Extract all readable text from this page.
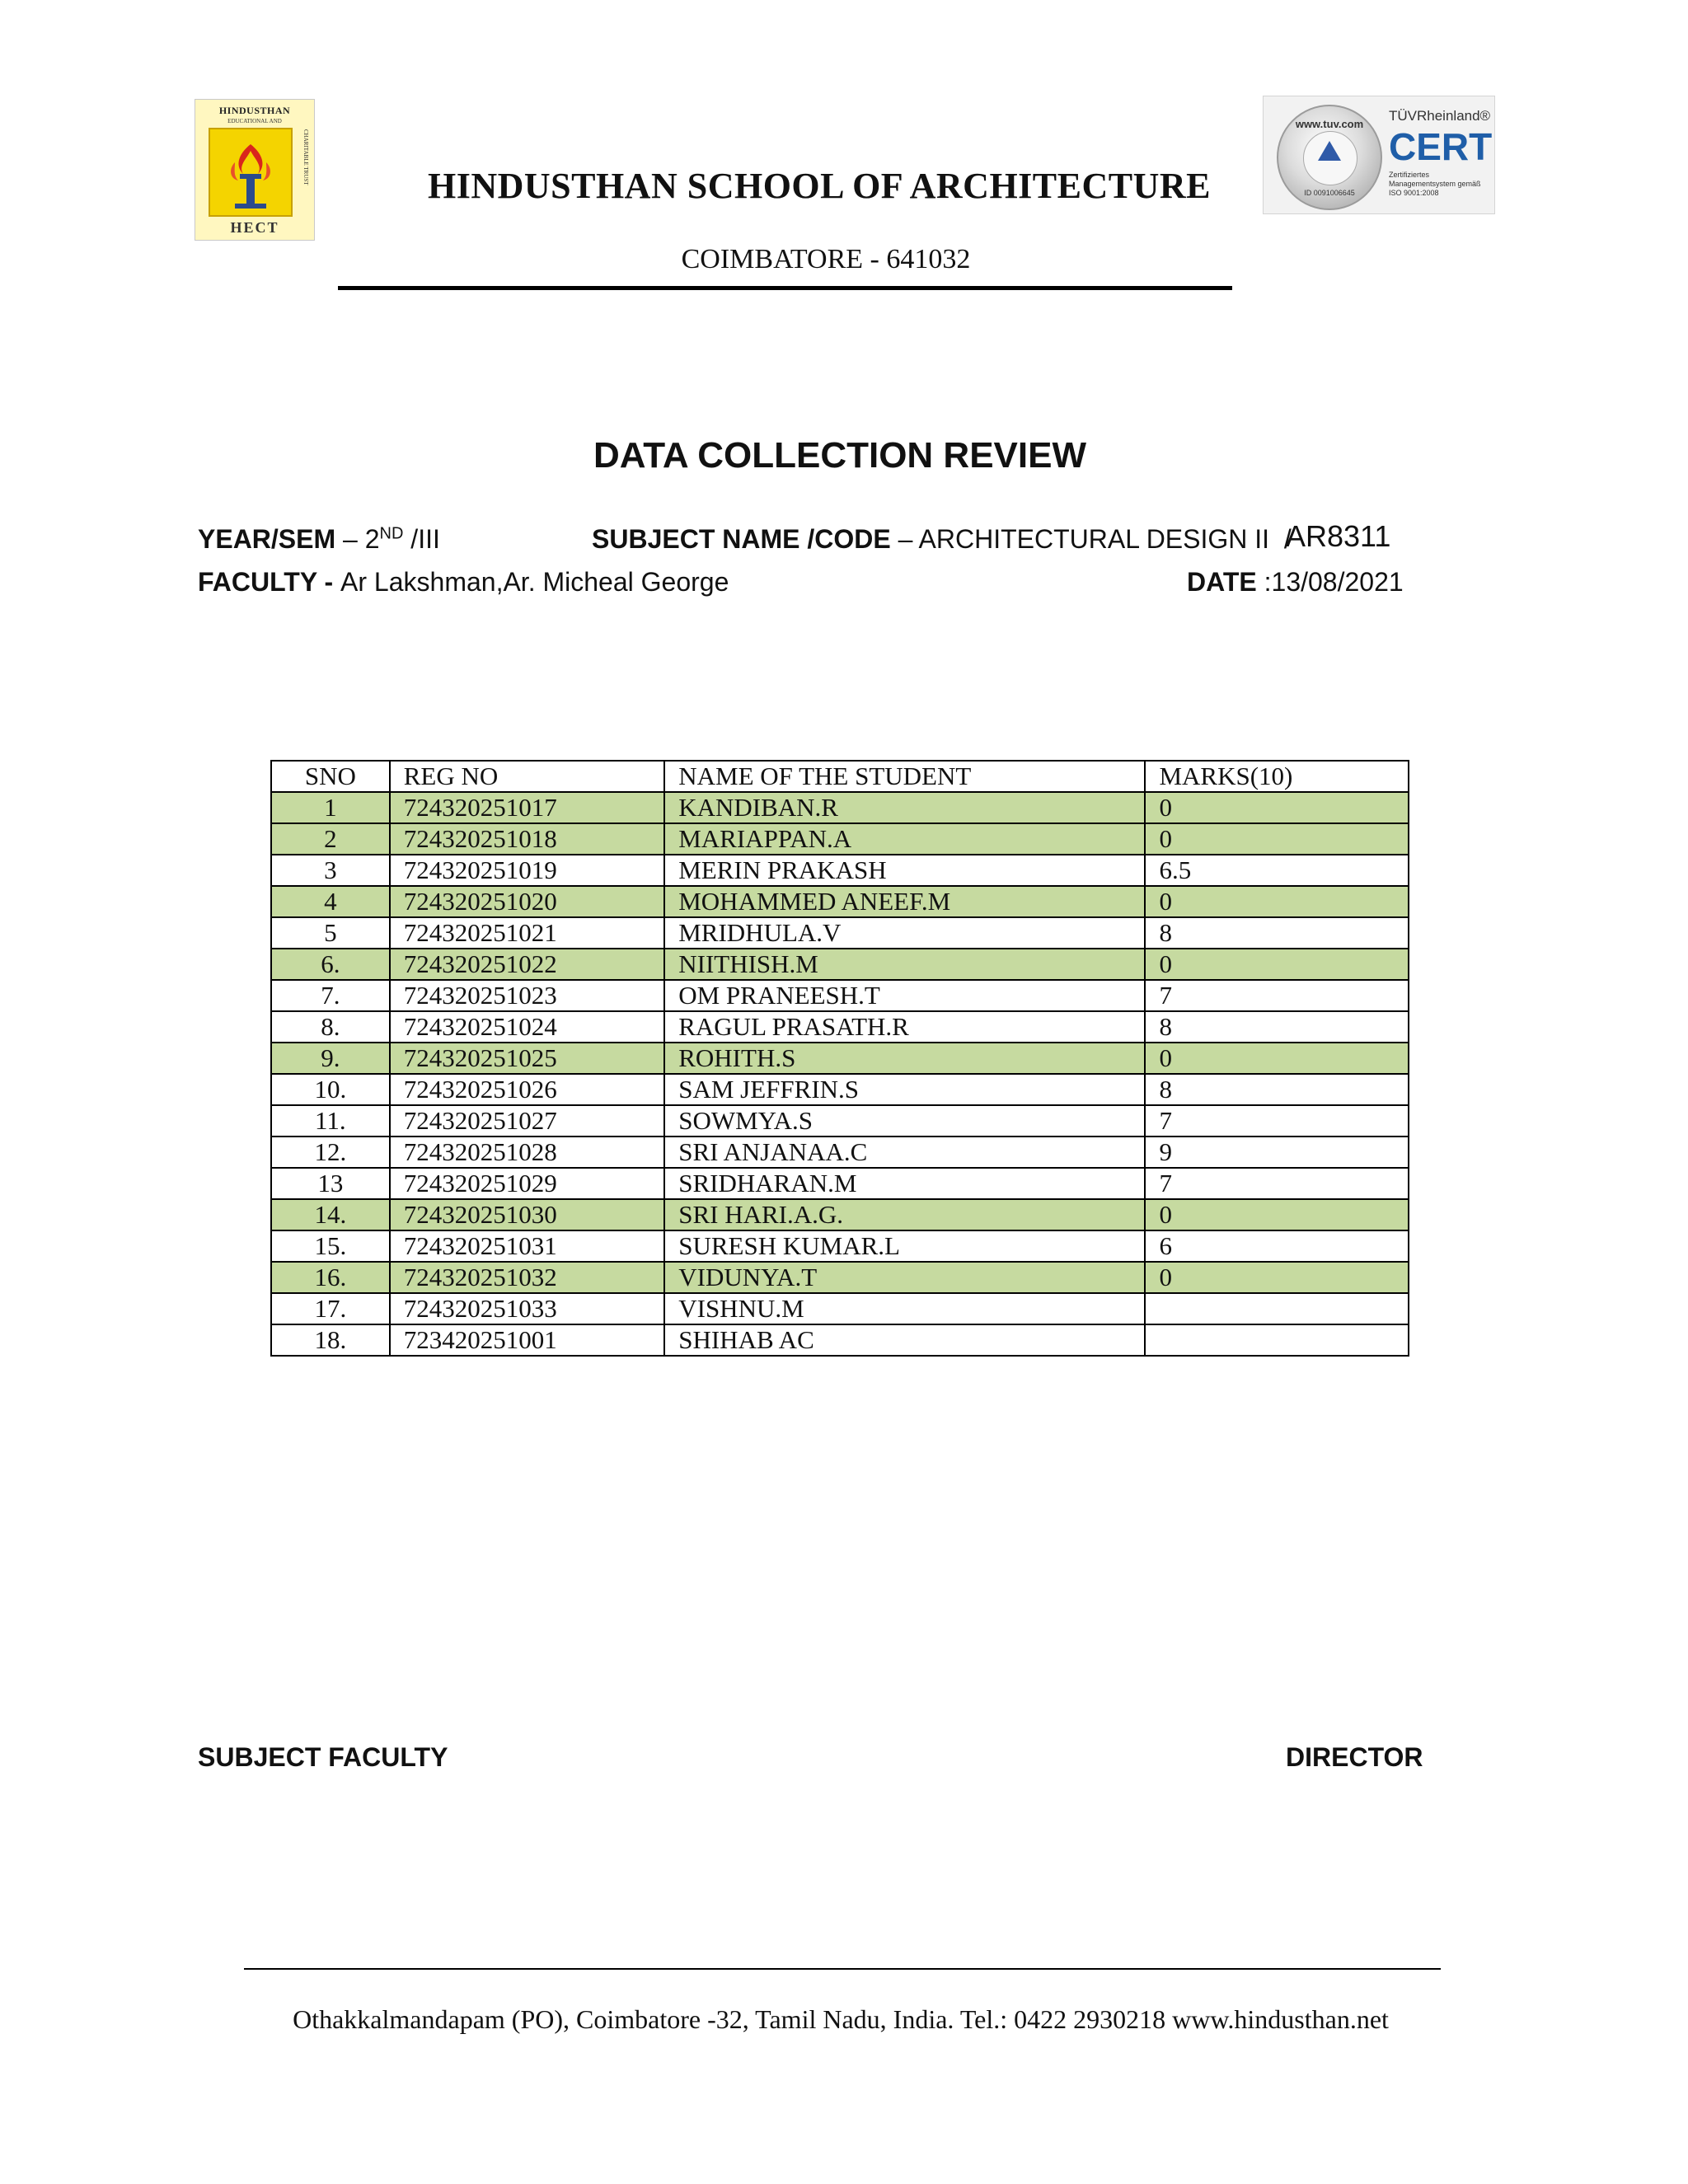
HINDUSTHAN
EDUCATIONAL AND
CHARITABLE TRUST
HECT
www.tuv.com
ID 0091006645
TÜVRheinland®
CERT
Zertifiziertes Managementsystem gemäß ISO 9001:2008
HINDUSTHAN SCHOOL OF ARCHITECTURE
COIMBATORE - 641032
DATA COLLECTION REVIEW
YEAR/SEM – 2ND /III	SUBJECT NAME /CODE – ARCHITECTURAL DESIGN II  /
AR8311
FACULTY - Ar Lakshman,Ar. Micheal George	DATE :13/08/2021
SNO	REG NO	NAME OF THE STUDENT	MARKS(10)
1	724320251017	KANDIBAN.R	0
2	724320251018	MARIAPPAN.A	0
3	724320251019	MERIN PRAKASH	6.5
4	724320251020	MOHAMMED ANEEF.M	0
5	724320251021	MRIDHULA.V	8
6.	724320251022	NIITHISH.M	0
7.	724320251023	OM PRANEESH.T	7
8.	724320251024	RAGUL PRASATH.R	8
9.	724320251025	ROHITH.S	0
10.	724320251026	SAM JEFFRIN.S	8
11.	724320251027	SOWMYA.S	7
12.	724320251028	SRI ANJANAA.C	9
13	724320251029	SRIDHARAN.M	7
14.	724320251030	SRI HARI.A.G.	0
15.	724320251031	SURESH KUMAR.L	6
16.	724320251032	VIDUNYA.T	0
17.	724320251033	VISHNU.M	
18.	723420251001	SHIHAB AC	
SUBJECT FACULTY	DIRECTOR
Othakkalmandapam (PO), Coimbatore -32, Tamil Nadu, India. Tel.: 0422 2930218 www.hindusthan.net
